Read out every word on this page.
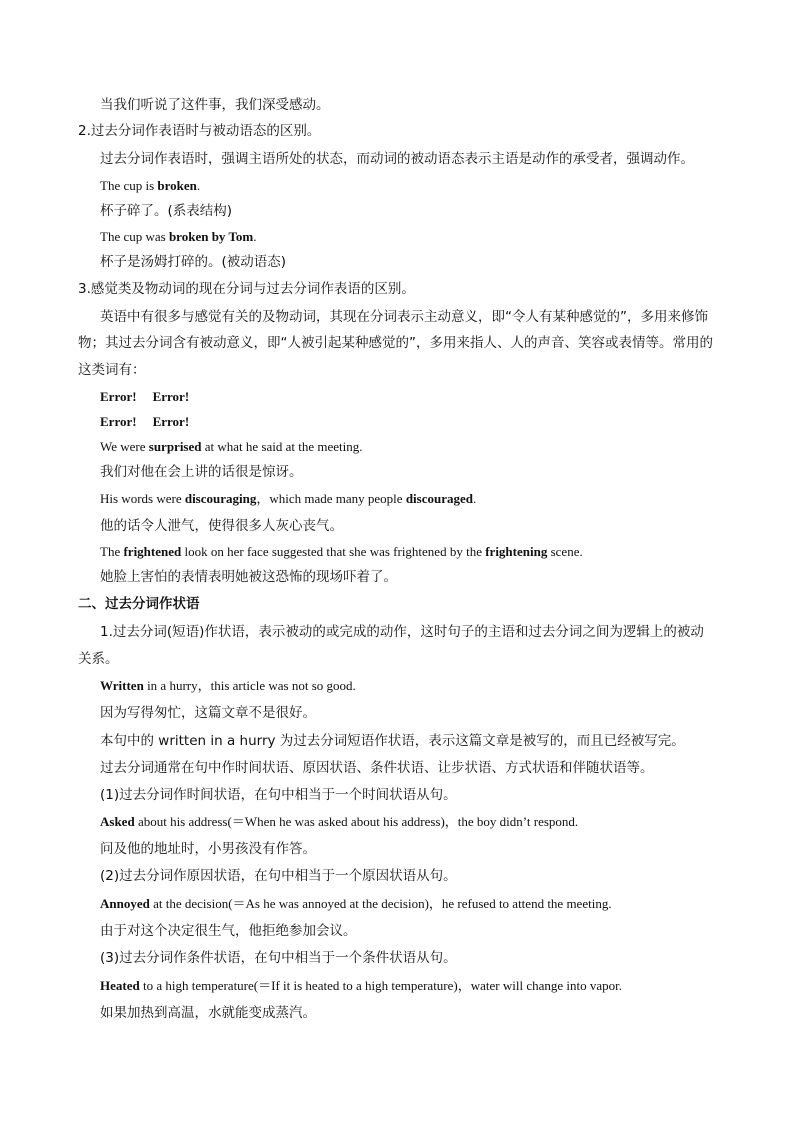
当我们听说了这件事，我们深受感动。
2.过去分词作表语时与被动语态的区别。
过去分词作表语时，强调主语所处的状态，而动词的被动语态表示主语是动作的承受者，强调动作。
The cup is broken.
杯子碎了。(系表结构)
The cup was broken by Tom.
杯子是汤姆打碎的。(被动语态)
3.感觉类及物动词的现在分词与过去分词作表语的区别。
英语中有很多与感觉有关的及物动词，其现在分词表示主动意义，即“令人有某种感觉的”，多用来修饰
物；其过去分词含有被动意义，即“人被引起某种感觉的”，多用来指人、人的声音、笑容或表情等。常用的
这类词有：
Error! Error!
Error! Error!
We were surprised at what he said at the meeting.
我们对他在会上讲的话很是惊讶。
His words were discouraging，which made many people discouraged.
他的话令人泄气，使得很多人灰心丧气。
The frightened look on her face suggested that she was frightened by the frightening scene.
她脸上害怕的表情表明她被这恐怖的现场吓着了。
二、过去分词作状语
1.过去分词(短语)作状语，表示被动的或完成的动作，这时句子的主语和过去分词之间为逻辑上的被动
关系。
Written in a hurry，this article was not so good.
因为写得匆忙，这篇文章不是很好。
本句中的 written in a hurry 为过去分词短语作状语，表示这篇文章是被写的，而且已经被写完。
过去分词通常在句中作时间状语、原因状语、条件状语、让步状语、方式状语和伴随状语等。
(1)过去分词作时间状语，在句中相当于一个时间状语从句。
Asked about his address(＝When he was asked about his address)，the boy didn’t respond.
问及他的地址时，小男孩没有作答。
(2)过去分词作原因状语，在句中相当于一个原因状语从句。
Annoyed at the decision(＝As he was annoyed at the decision)，he refused to attend the meeting.
由于对这个决定很生气，他拒绝参加会议。
(3)过去分词作条件状语，在句中相当于一个条件状语从句。
Heated to a high temperature(＝If it is heated to a high temperature)，water will change into vapor.
如果加热到高温，水就能变成蒸汽。
